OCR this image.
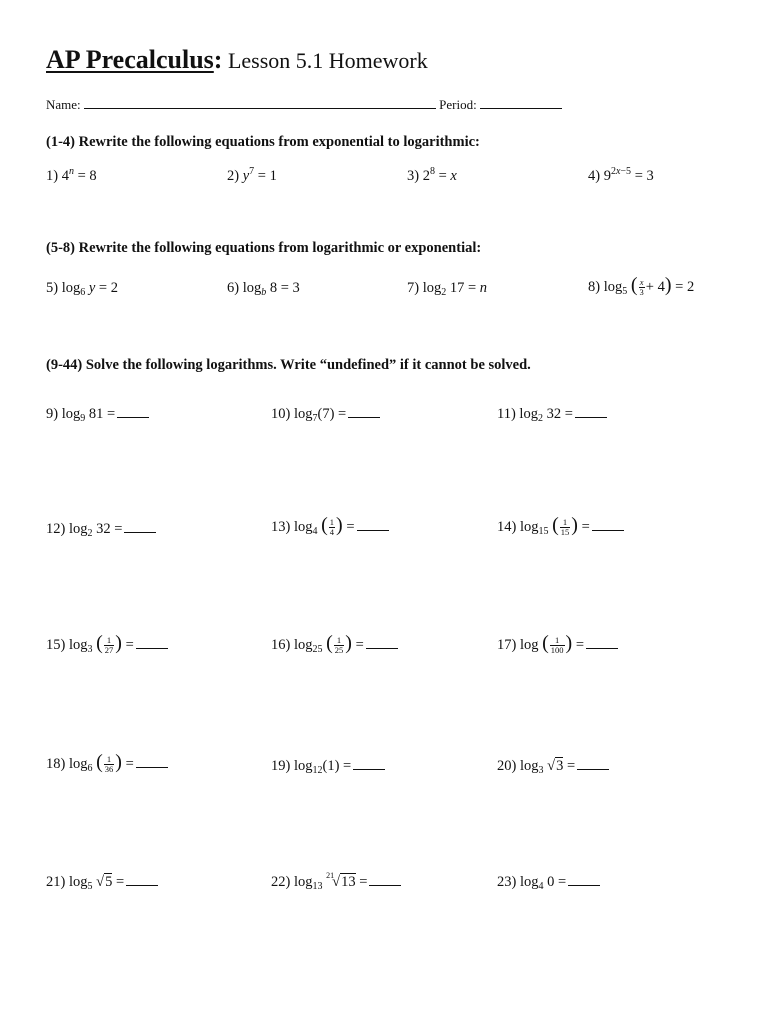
AP Precalculus: Lesson 5.1 Homework
Name:	Period:
(1-4) Rewrite the following equations from exponential to logarithmic:
1) $4^n = 8$	2) $y^7 = 1$	3) $2^8 = x$	4) $9^{2x-5} = 3$
(5-8) Rewrite the following equations from logarithmic or exponential:
5) $\log_6 y = 2$	6) $\log_b 8 = 3$	7) $\log_2 17 = n$	8) $\log_5$ ( $\frac{x}{3} + 4) = 2$
(9-44) Solve the following logarithms. Write “undefined” if it cannot be solved.
9) $\log_9 81$ =	10) $\log_7(7)$ =	11) $\log_2 32$ =
12) $\log_2 32$ =	13) $\log_4$ ( $\frac{1}{4}$ ) =	14) $\log_{15}$ ( $\frac{1}{15}$ ) =
15) $\log_3$ ( $\frac{1}{27}$ ) =	16) $\log_{25}$ ( $\frac{1}{25}$ ) =	17) log ( $\frac{1}{100}$ ) =
18) $\log_6$ ( $\frac{1}{36}$ ) =	19) $\log_{12}(1)$ =	20) $\log_3 √3$ =
21) $\log_5 √5$ =	22) $\log_{13} ^{21}√13$ =	23) $\log_4 0$ =
